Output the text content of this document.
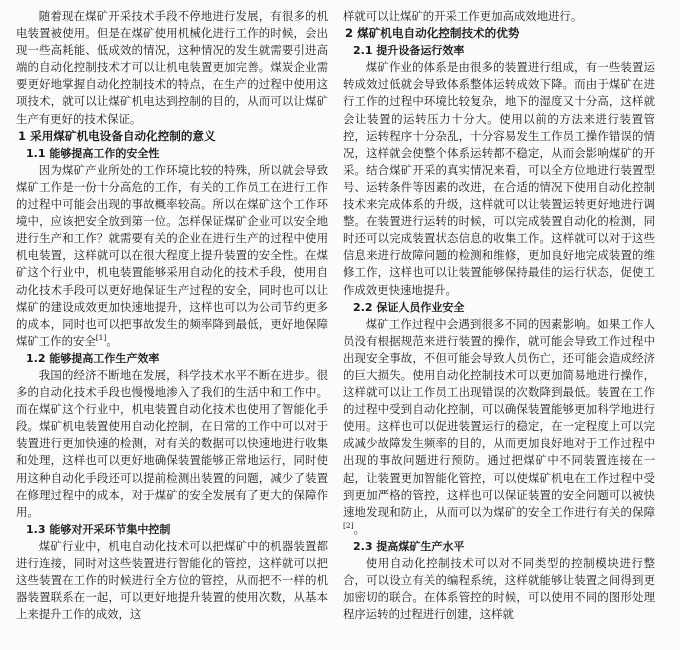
随着现在煤矿开采技术手段不停地进行发展，有很多的机电装置被使用。但是在煤矿使用机械化进行工作的时候，会出现一些高耗能、低成效的情况，这种情况的发生就需要引进高端的自动化控制技术才可以让机电装置更加完善。煤炭企业需要更好地掌握自动化控制技术的特点，在生产的过程中使用这项技术，就可以让煤矿机电达到控制的目的，从而可以让煤矿生产有更好的技术保证。

1 采用煤矿机电设备自动化控制的意义
1.1 能够提高工作的安全性

因为煤矿产业所处的工作环境比较的特殊，所以就会导致煤矿工作是一份十分高危的工作，有关的工作员工在进行工作的过程中可能会出现的事故概率较高。所以在煤矿这个工作环境中，应该把安全放到第一位。怎样保证煤矿企业可以安全地进行生产和工作？就需要有关的企业在进行生产的过程中使用机电装置，这样就可以在很大程度上提升装置的安全性。在煤矿这个行业中，机电装置能够采用自动化的技术手段，使用自动化技术手段可以更好地保证生产过程的安全，同时也可以让煤矿的建设成效更加快速地提升，这样也可以为公司节约更多的成本，同时也可以把事故发生的频率降到最低，更好地保障煤矿工作的安全[1]。

1.2 能够提高工作生产效率

我国的经济不断地在发展，科学技术水平不断在进步。很多的自动化技术手段也慢慢地渗入了我们的生活中和工作中。而在煤矿这个行业中，机电装置自动化技术也使用了智能化手段。煤矿机电装置使用自动化控制，在日常的工作中可以对于装置进行更加快速的检测，对有关的数据可以快速地进行收集和处理，这样也可以更好地确保装置能够正常地运行，同时使用这种自动化手段还可以提前检测出装置的问题，减少了装置在修理过程中的成本，对于煤矿的安全发展有了更大的保障作用。

1.3 能够对开采环节集中控制

煤矿行业中，机电自动化技术可以把煤矿中的机器装置都进行连接，同时对这些装置进行智能化的管控，这样就可以把这些装置在工作的时候进行全方位的管控，从而把不一样的机器装置联系在一起，可以更好地提升装置的使用次数，从基本上来提升工作的成效，这

样就可以让煤矿的开采工作更加高成效地进行。

2 煤矿机电自动化控制技术的优势
2.1 提升设备运行效率

煤矿作业的体系是由很多的装置进行组成，有一些装置运转成效过低就会导致体系整体运转成效下降。而由于煤矿在进行工作的过程中环境比较复杂，地下的湿度又十分高，这样就会让装置的运转压力十分大。使用以前的方法来进行装置管控，运转程序十分杂乱，十分容易发生工作员工操作错误的情况，这样就会使整个体系运转都不稳定，从而会影响煤矿的开采。结合煤矿开采的真实情况来看，可以全方位地进行装置型号、运转条件等因素的改进，在合适的情况下使用自动化控制技术来完成体系的升级，这样就可以让装置运转更好地进行调整。在装置进行运转的时候，可以完成装置自动化的检测，同时还可以完成装置状态信息的收集工作。这样就可以对于这些信息来进行故障问题的检测和维修，更加良好地完成装置的维修工作，这样也可以让装置能够保持最佳的运行状态，促使工作成效更快速地提升。

2.2 保证人员作业安全

煤矿工作过程中会遇到很多不同的因素影响。如果工作人员没有根据规范来进行装置的操作，就可能会导致工作过程中出现安全事故，不但可能会导致人员伤亡，还可能会造成经济的巨大损失。使用自动化控制技术可以更加简易地进行操作，这样就可以让工作员工出现错误的次数降到最低。装置在工作的过程中受到自动化控制，可以确保装置能够更加科学地进行使用。这样也可以促进装置运行的稳定，在一定程度上可以完成减少故障发生频率的目的，从而更加良好地对于工作过程中出现的事故问题进行预防。通过把煤矿中不同装置连接在一起，让装置更加智能化管控，可以使煤矿机电在工作过程中受到更加严格的管控，这样也可以保证装置的安全问题可以被快速地发现和防止，从而可以为煤矿的安全工作进行有关的保障[2]。

2.3 提高煤矿生产水平

使用自动化控制技术可以对不同类型的控制模块进行整合，可以设立有关的编程系统，这样就能够让装置之间得到更加密切的联合。在体系管控的时候，可以使用不同的图形处理程序运转的过程进行创建，这样就
